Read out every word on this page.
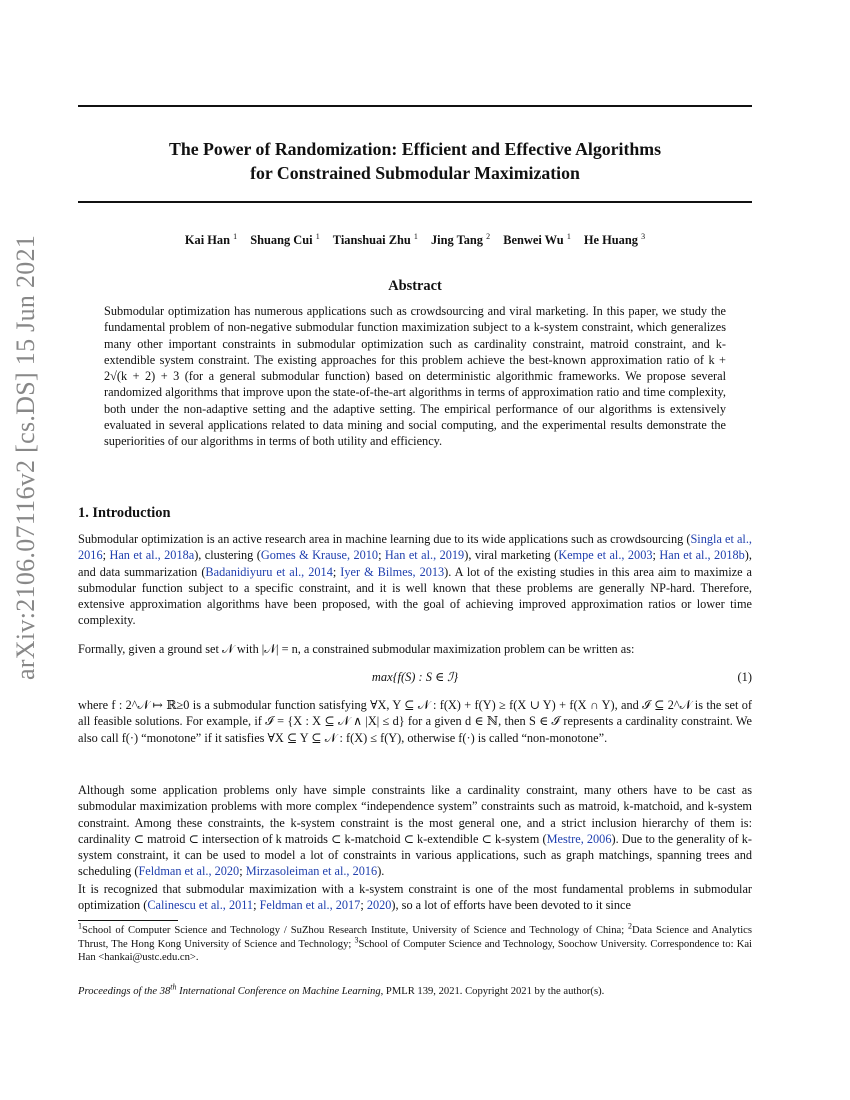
arXiv:2106.07116v2 [cs.DS] 15 Jun 2021
The Power of Randomization: Efficient and Effective Algorithms
for Constrained Submodular Maximization
Kai Han $^1$ Shuang Cui $^1$ Tianshuai Zhu $^1$ Jing Tang $^2$ Benwei Wu $^1$ He Huang $^3$
Abstract
Submodular optimization has numerous applications such as crowdsourcing and viral marketing. In this paper, we study the fundamental problem of non-negative submodular function maximization subject to a k-system constraint, which generalizes many other important constraints in submodular optimization such as cardinality constraint, matroid constraint, and k-extendible system constraint. The existing approaches for this problem achieve the best-known approximation ratio of k + 2√(k + 2) + 3 (for a general submodular function) based on deterministic algorithmic frameworks. We propose several randomized algorithms that improve upon the state-of-the-art algorithms in terms of approximation ratio and time complexity, both under the non-adaptive setting and the adaptive setting. The empirical performance of our algorithms is extensively evaluated in several applications related to data mining and social computing, and the experimental results demonstrate the superiorities of our algorithms in terms of both utility and efficiency.
1. Introduction
Submodular optimization is an active research area in machine learning due to its wide applications such as crowdsourcing (Singla et al., 2016; Han et al., 2018a), clustering (Gomes & Krause, 2010; Han et al., 2019), viral marketing (Kempe et al., 2003; Han et al., 2018b), and data summarization (Badanidiyuru et al., 2014; Iyer & Bilmes, 2013). A lot of the existing studies in this area aim to maximize a submodular function subject to a specific constraint, and it is well known that these problems are generally NP-hard. Therefore, extensive approximation algorithms have been proposed, with the goal of achieving improved approximation ratios or lower time complexity.
Formally, given a ground set 𝒩 with |𝒩| = n, a constrained submodular maximization problem can be written as:
max{f(S) : S ∈ ℐ}	(1)
where f : 2^𝒩 ↦ ℝ≥0 is a submodular function satisfying ∀X, Y ⊆ 𝒩 : f(X) + f(Y) ≥ f(X ∪ Y) + f(X ∩ Y), and ℐ ⊆ 2^𝒩 is the set of all feasible solutions. For example, if ℐ = {X : X ⊆ 𝒩 ∧ |X| ≤ d} for a given d ∈ ℕ, then S ∈ ℐ represents a cardinality constraint. We also call f(·) “monotone” if it satisfies ∀X ⊆ Y ⊆ 𝒩 : f(X) ≤ f(Y), otherwise f(·) is called “non-monotone”.
Although some application problems only have simple constraints like a cardinality constraint, many others have to be cast as submodular maximization problems with more complex “independence system” constraints such as matroid, k-matchoid, and k-system constraint. Among these constraints, the k-system constraint is the most general one, and a strict inclusion hierarchy of them is: cardinality ⊂ matroid ⊂ intersection of k matroids ⊂ k-matchoid ⊂ k-extendible ⊂ k-system (Mestre, 2006). Due to the generality of k-system constraint, it can be used to model a lot of constraints in various applications, such as graph matchings, spanning trees and scheduling (Feldman et al., 2020; Mirzasoleiman et al., 2016).
It is recognized that submodular maximization with a k-system constraint is one of the most fundamental problems in submodular optimization (Calinescu et al., 2011; Feldman et al., 2017; 2020), so a lot of efforts have been devoted to it since
$^1$School of Computer Science and Technology / SuZhou Research Institute, University of Science and Technology of China; $^2$Data Science and Analytics Thrust, The Hong Kong University of Science and Technology; $^3$School of Computer Science and Technology, Soochow University. Correspondence to: Kai Han <hankai@ustc.edu.cn>.
Proceedings of the 38th International Conference on Machine Learning, PMLR 139, 2021. Copyright 2021 by the author(s).
